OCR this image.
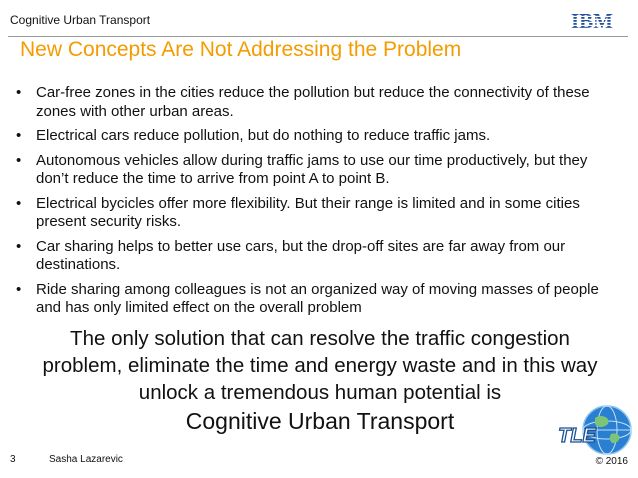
Cognitive Urban Transport	IBM
New Concepts Are Not Addressing the Problem
• Car-free zones in the cities reduce the pollution but reduce the connectivity of these zones with other urban areas.
• Electrical cars reduce pollution, but do nothing to reduce traffic jams.
• Autonomous vehicles allow during traffic jams to use our time productively, but they don’t reduce the time to arrive from point A to point B.
• Electrical bycicles offer more flexibility. But their range is limited and in some cities present security risks.
• Car sharing helps to better use cars, but the drop-off sites are far away from our destinations.
• Ride sharing among colleagues is not an organized way of moving masses of people and has only limited effect on the overall problem
The only solution that can resolve the traffic congestion problem, eliminate the time and energy waste and in this way unlock a tremendous human potential is
Cognitive Urban Transport
TLE
3	Sasha Lazarevic	© 2016
